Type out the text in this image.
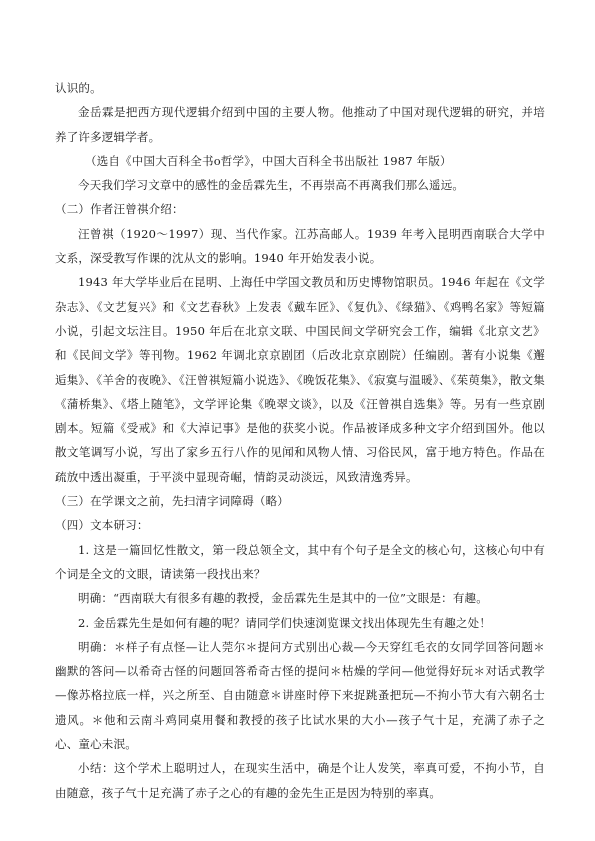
认识的。

金岳霖是把西方现代逻辑介绍到中国的主要人物。他推动了中国对现代逻辑的研究，并培养了许多逻辑学者。

（选自《中国大百科全书o哲学》，中国大百科全书出版社 1987 年版）

今天我们学习文章中的感性的金岳霖先生，不再崇高不再离我们那么遥远。

（二）作者汪曾祺介绍：

汪曾祺（1920～1997）现、当代作家。江苏高邮人。1939 年考入昆明西南联合大学中文系，深受教写作课的沈从文的影响。1940 年开始发表小说。

1943 年大学毕业后在昆明、上海任中学国文教员和历史博物馆职员。1946 年起在《文学杂志》、《文艺复兴》和《文艺春秋》上发表《戴车匠》、《复仇》、《绿猫》、《鸡鸭名家》等短篇小说，引起文坛注目。1950 年后在北京文联、中国民间文学研究会工作，编辑《北京文艺》和《民间文学》等刊物。1962 年调北京京剧团（后改北京京剧院）任编剧。著有小说集《邂逅集》、《羊舍的夜晚》、《汪曾祺短篇小说选》、《晚饭花集》、《寂寞与温暖》、《茱萸集》，散文集《蒲桥集》、《塔上随笔》，文学评论集《晚翠文谈》，以及《汪曾祺自选集》等。另有一些京剧剧本。短篇《受戒》和《大淖记事》是他的获奖小说。作品被译成多种文字介绍到国外。他以散文笔调写小说，写出了家乡五行八作的见闻和风物人情、习俗民风，富于地方特色。作品在疏放中透出凝重，于平淡中显现奇崛，情韵灵动淡远，风致清逸秀异。

（三）在学课文之前，先扫清字词障碍（略）

（四）文本研习：

1. 这是一篇回忆性散文，第一段总领全文，其中有个句子是全文的核心句，这核心句中有个词是全文的文眼，请读第一段找出来？

明确：“西南联大有很多有趣的教授，金岳霖先生是其中的一位”文眼是：有趣。

2. 金岳霖先生是如何有趣的呢？请同学们快速浏览课文找出体现先生有趣之处！

明确：＊样子有点怪—让人莞尔＊提问方式别出心裁—今天穿红毛衣的女同学回答问题＊幽默的答问—以希奇古怪的问题回答希奇古怪的提问＊枯燥的学问—他觉得好玩＊对话式教学—像苏格拉底一样，兴之所至、自由随意＊讲座时停下来捉跳蚤把玩—不拘小节大有六朝名士遗风。＊他和云南斗鸡同桌用餐和教授的孩子比试水果的大小—孩子气十足，充满了赤子之心、童心未泯。

小结：这个学术上聪明过人，在现实生活中，确是个让人发笑，率真可爱，不拘小节，自由随意，孩子气十足充满了赤子之心的有趣的金先生正是因为特别的率真。
